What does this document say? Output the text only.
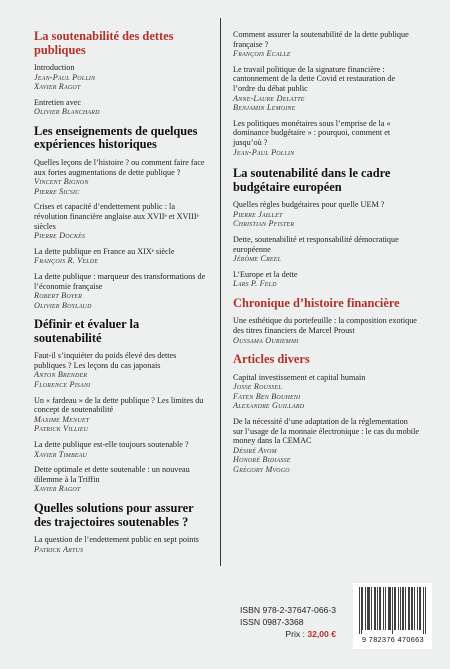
La soutenabilité des dettes publiques
Introduction
Jean-Paul Pollin
Xavier Ragot
Entretien avec
Olivier Blanchard
Les enseignements de quelques expériences historiques
Quelles leçons de l’histoire ? ou comment faire face aux fortes augmentations de dette publique ?
Vincent Bignon
Pierre Sicsic
Crises et capacité d’endettement public : la révolution financière anglaise aux XVIIᵉ et XVIIIᵉ siècles
Pierre Dockès
La dette publique en France au XIXᵉ siècle
François R. Velde
La dette publique : marqueur des transformations de l’économie française
Robert Boyer
Olivier Boylaud
Définir et évaluer la soutenabilité
Faut-il s’inquiéter du poids élevé des dettes publiques ? Les leçons du cas japonais
Anton Brender
Florence Pisani
Un « fardeau » de la dette publique ? Les limites du concept de soutenabilité
Maxime Menuet
Patrick Villieu
La dette publique est-elle toujours soutenable ?
Xavier Timbeau
Dette optimale et dette soutenable : un nouveau dilemme à la Triffin
Xavier Ragot
Quelles solutions pour assurer des trajectoires soutenables ?
La question de l’endettement public en sept points
Patrick Artus
Comment assurer la soutenabilité de la dette publique française ?
François Ecalle
Le travail politique de la signature financière : cantonnement de la dette Covid et restauration de l’ordre du débat public
Anne-Laure Delatte
Benjamin Lemoine
Les politiques monétaires sous l’emprise de la « dominance budgétaire » : pourquoi, comment et jusqu’où ?
Jean-Paul Pollin
La soutenabilité dans le cadre budgétaire européen
Quelles règles budgétaires pour quelle UEM ?
Pierre Jaillet
Christian Pfister
Dette, soutenabilité et responsabilité démocratique européenne
Jérôme Creel
L’Europe et la dette
Lars P. Feld
Chronique d’histoire financière
Une esthétique du portefeuille : la composition exotique des titres financiers de Marcel Proust
Oussama Ouriemmi
Articles divers
Capital investissement et capital humain
Josse Roussel
Faten Ben Bouheni
Alexandre Guillard
De la nécessité d’une adaptation de la réglementation sur l’usage de la monnaie électronique : le cas du mobile money dans la CEMAC
Désiré Avom
Honoré Bidiasse
Grégory Mvogo
ISBN 978-2-37647-066-3
ISSN 0987-3368
Prix : 32,00 €
9 782376 470663
